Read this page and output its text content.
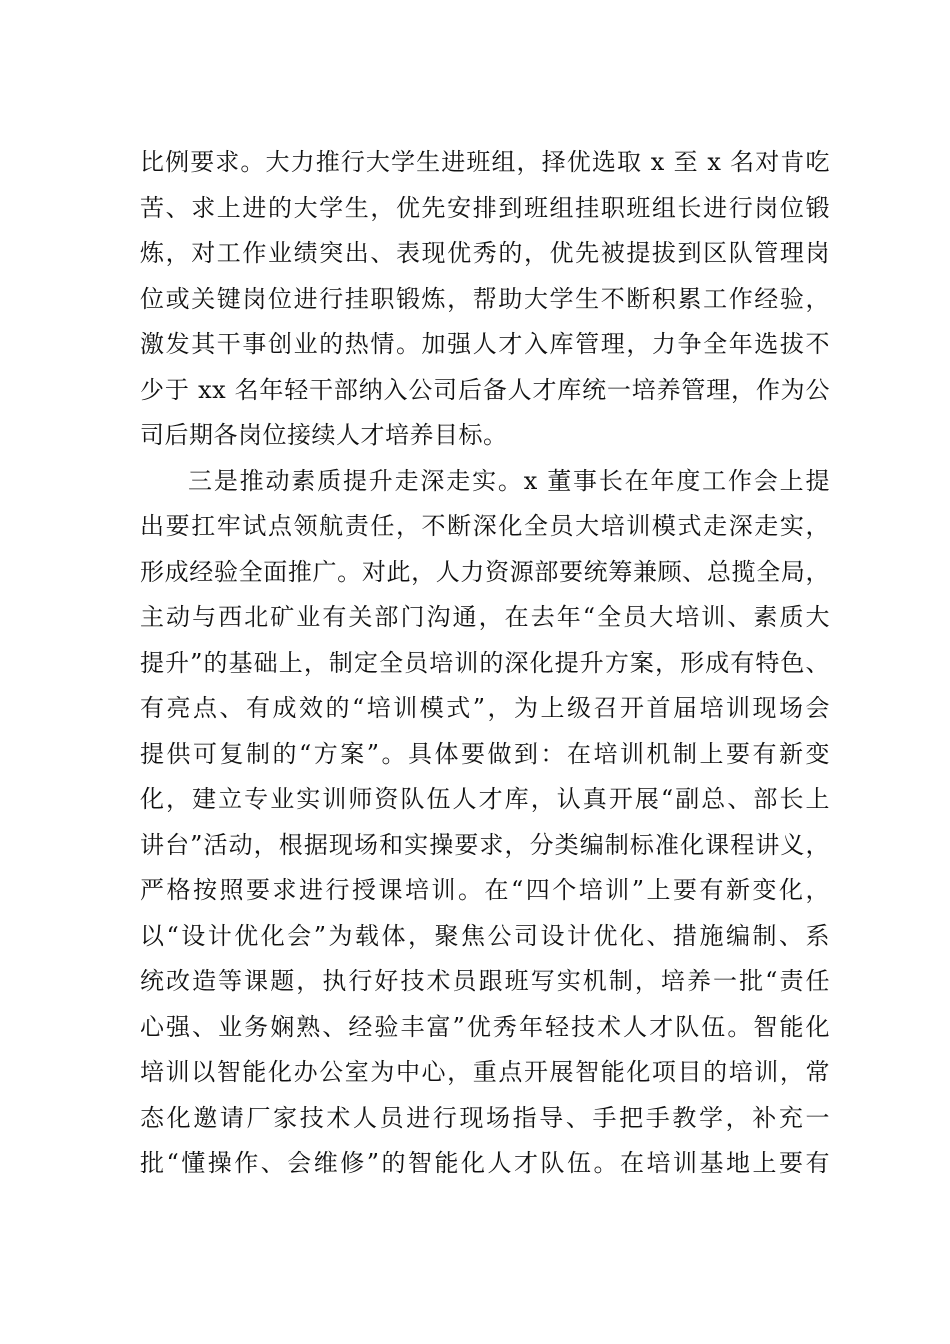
比例要求。大力推行大学生进班组，择优选取 x 至 x 名对肯吃
苦、求上进的大学生，优先安排到班组挂职班组长进行岗位锻
炼，对工作业绩突出、表现优秀的，优先被提拔到区队管理岗
位或关键岗位进行挂职锻炼，帮助大学生不断积累工作经验，
激发其干事创业的热情。加强人才入库管理，力争全年选拔不
少于 xx 名年轻干部纳入公司后备人才库统一培养管理，作为公
司后期各岗位接续人才培养目标。
三是推动素质提升走深走实。x 董事长在年度工作会上提
出要扛牢试点领航责任，不断深化全员大培训模式走深走实，
形成经验全面推广。对此，人力资源部要统筹兼顾、总揽全局，
主动与西北矿业有关部门沟通，在去年“全员大培训、素质大
提升”的基础上，制定全员培训的深化提升方案，形成有特色、
有亮点、有成效的“培训模式”，为上级召开首届培训现场会
提供可复制的“方案”。具体要做到：在培训机制上要有新变
化，建立专业实训师资队伍人才库，认真开展“副总、部长上
讲台”活动，根据现场和实操要求，分类编制标准化课程讲义，
严格按照要求进行授课培训。在“四个培训”上要有新变化，
以“设计优化会”为载体，聚焦公司设计优化、措施编制、系
统改造等课题，执行好技术员跟班写实机制，培养一批“责任
心强、业务娴熟、经验丰富”优秀年轻技术人才队伍。智能化
培训以智能化办公室为中心，重点开展智能化项目的培训，常
态化邀请厂家技术人员进行现场指导、手把手教学，补充一
批“懂操作、会维修”的智能化人才队伍。在培训基地上要有
